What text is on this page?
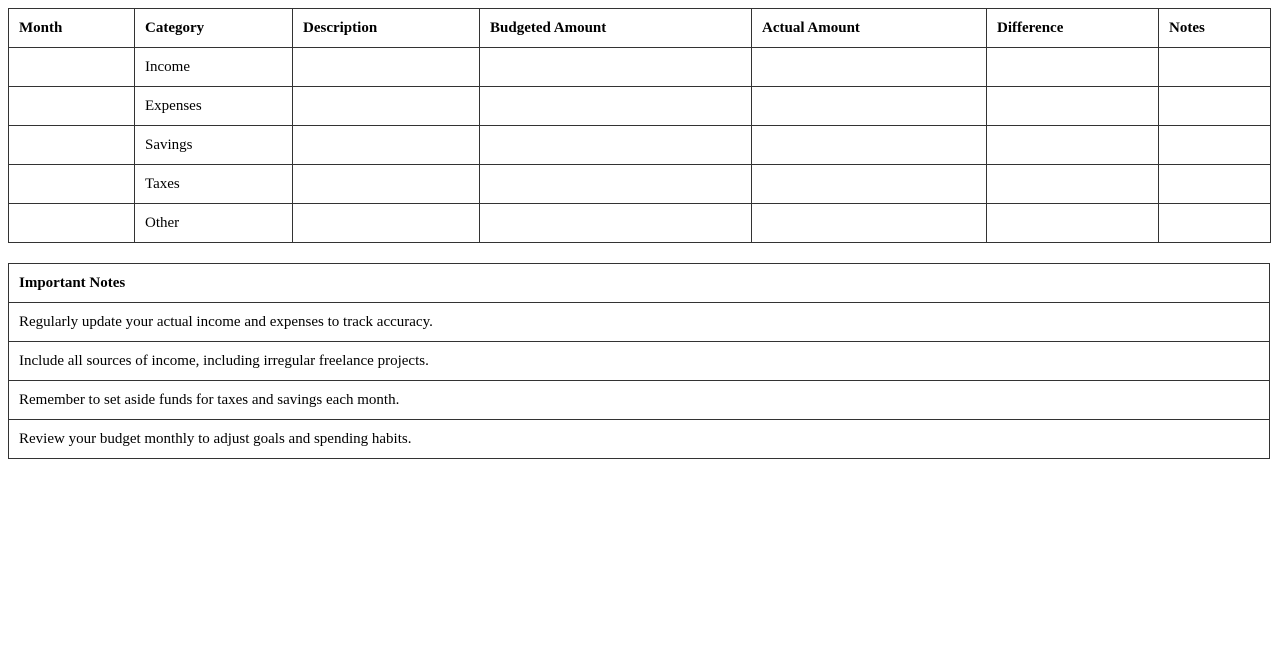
Month	Category	Description	Budgeted Amount	Actual Amount	Difference	Notes
	Income					
	Expenses					
	Savings					
	Taxes					
	Other					
Important Notes
Regularly update your actual income and expenses to track accuracy.
Include all sources of income, including irregular freelance projects.
Remember to set aside funds for taxes and savings each month.
Review your budget monthly to adjust goals and spending habits.
